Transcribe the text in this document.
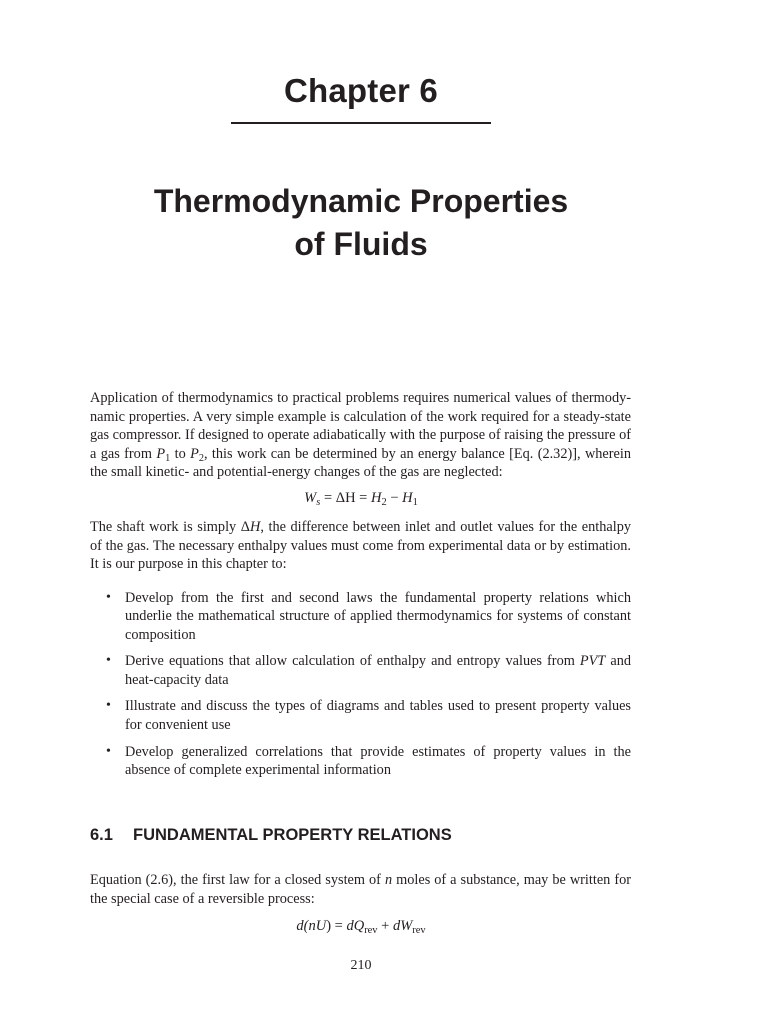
Chapter 6
Thermodynamic Properties
of Fluids

Application of thermodynamics to practical problems requires numerical values of thermody-namic properties. A very simple example is calculation of the work required for a steady-state gas compressor. If designed to operate adiabatically with the purpose of raising the pressure of a gas from $P_1$ to $P_2$, this work can be determined by an energy balance [Eq. (2.32)], wherein the small kinetic- and potential-energy changes of the gas are neglected:

$W_s = \Delta H = H_2 - H_1$

The shaft work is simply ΔH, the difference between inlet and outlet values for the enthalpy of the gas. The necessary enthalpy values must come from experimental data or by estimation. It is our purpose in this chapter to:

• Develop from the first and second laws the fundamental property relations which underlie the mathematical structure of applied thermodynamics for systems of constant composition
• Derive equations that allow calculation of enthalpy and entropy values from PVT and heat-capacity data
• Illustrate and discuss the types of diagrams and tables used to present property values for convenient use
• Develop generalized correlations that provide estimates of property values in the absence of complete experimental information
6.1 FUNDAMENTAL PROPERTY RELATIONS

Equation (2.6), the first law for a closed system of n moles of a substance, may be written for the special case of a reversible process:

$d(nU) = dQ_{rev} + dW_{rev}$
210
